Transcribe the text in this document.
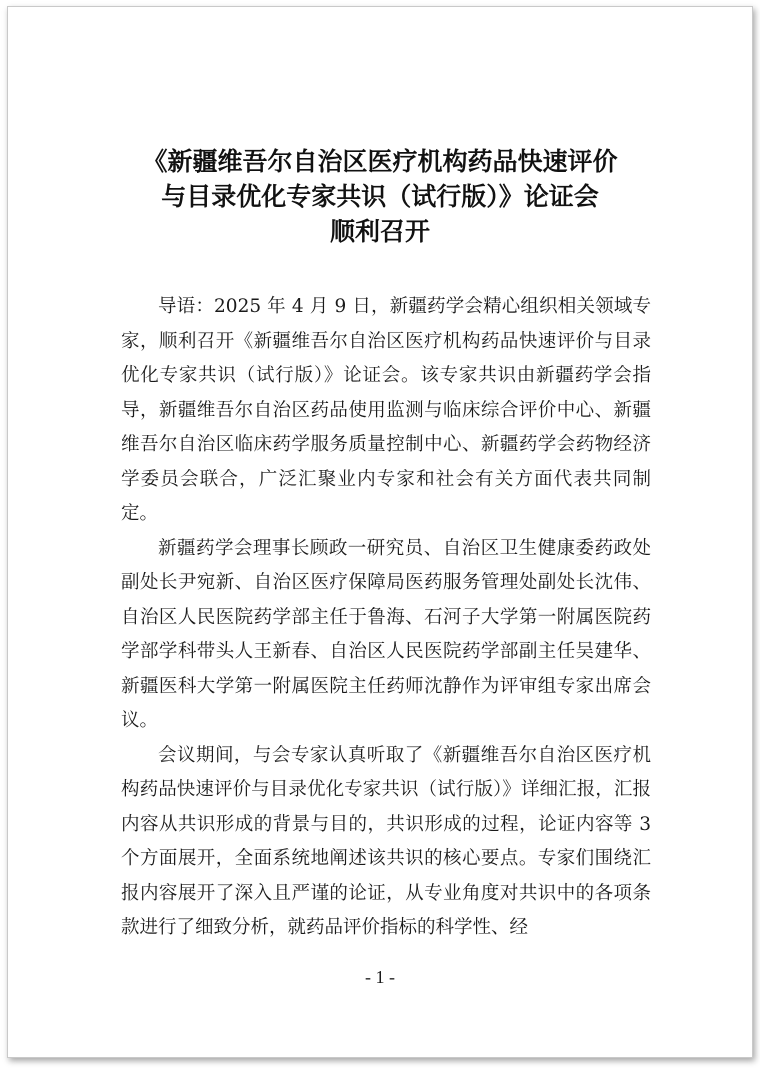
《新疆维吾尔自治区医疗机构药品快速评价
与目录优化专家共识（试行版）》论证会
顺利召开

导语：2025 年 4 月 9 日，新疆药学会精心组织相关领域专家，顺利召开《新疆维吾尔自治区医疗机构药品快速评价与目录优化专家共识（试行版）》论证会。该专家共识由新疆药学会指导，新疆维吾尔自治区药品使用监测与临床综合评价中心、新疆维吾尔自治区临床药学服务质量控制中心、新疆药学会药物经济学委员会联合，广泛汇聚业内专家和社会有关方面代表共同制定。

新疆药学会理事长顾政一研究员、自治区卫生健康委药政处副处长尹宛新、自治区医疗保障局医药服务管理处副处长沈伟、自治区人民医院药学部主任于鲁海、石河子大学第一附属医院药学部学科带头人王新春、自治区人民医院药学部副主任吴建华、新疆医科大学第一附属医院主任药师沈静作为评审组专家出席会议。

会议期间，与会专家认真听取了《新疆维吾尔自治区医疗机构药品快速评价与目录优化专家共识（试行版）》详细汇报，汇报内容从共识形成的背景与目的，共识形成的过程，论证内容等 3 个方面展开，全面系统地阐述该共识的核心要点。专家们围绕汇报内容展开了深入且严谨的论证，从专业角度对共识中的各项条款进行了细致分析，就药品评价指标的科学性、经

- 1 -
